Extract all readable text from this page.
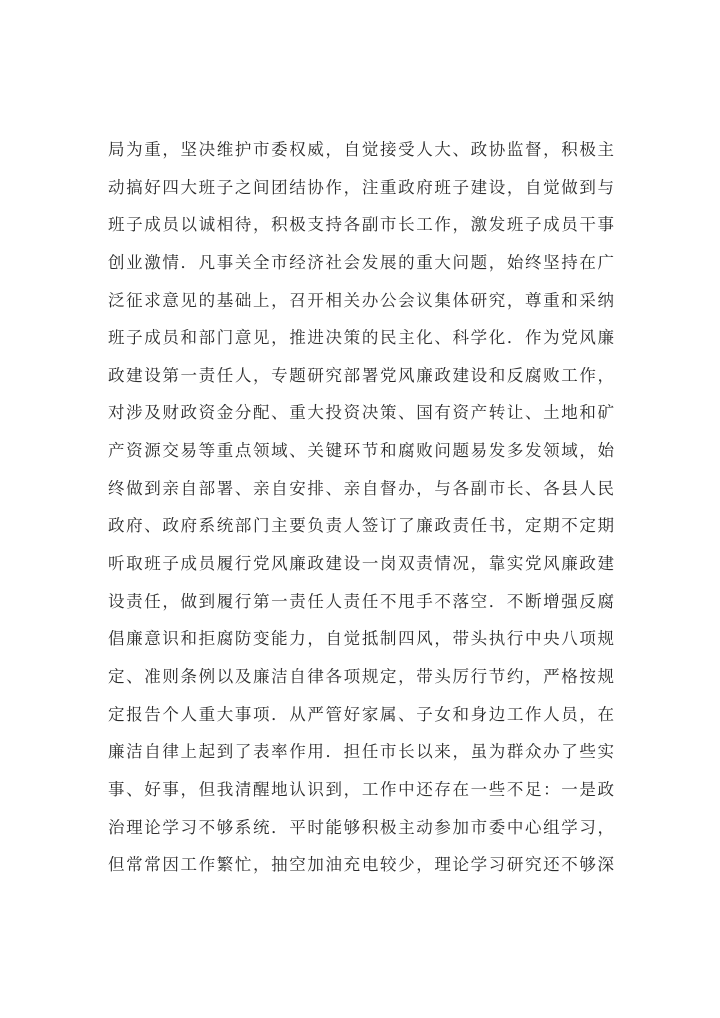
局为重，坚决维护市委权威，自觉接受人大、政协监督，积极主
动搞好四大班子之间团结协作，注重政府班子建设，自觉做到与
班子成员以诚相待，积极支持各副市长工作，激发班子成员干事
创业激情．凡事关全市经济社会发展的重大问题，始终坚持在广
泛征求意见的基础上，召开相关办公会议集体研究，尊重和采纳
班子成员和部门意见，推进决策的民主化、科学化．作为党风廉
政建设第一责任人，专题研究部署党风廉政建设和反腐败工作，
对涉及财政资金分配、重大投资决策、国有资产转让、土地和矿
产资源交易等重点领域、关键环节和腐败问题易发多发领域，始
终做到亲自部署、亲自安排、亲自督办，与各副市长、各县人民
政府、政府系统部门主要负责人签订了廉政责任书，定期不定期
听取班子成员履行党风廉政建设一岗双责情况，靠实党风廉政建
设责任，做到履行第一责任人责任不甩手不落空．不断增强反腐
倡廉意识和拒腐防变能力，自觉抵制四风，带头执行中央八项规
定、准则条例以及廉洁自律各项规定，带头厉行节约，严格按规
定报告个人重大事项．从严管好家属、子女和身边工作人员，在
廉洁自律上起到了表率作用．担任市长以来，虽为群众办了些实
事、好事，但我清醒地认识到，工作中还存在一些不足：一是政
治理论学习不够系统．平时能够积极主动参加市委中心组学习，
但常常因工作繁忙，抽空加油充电较少，理论学习研究还不够深
